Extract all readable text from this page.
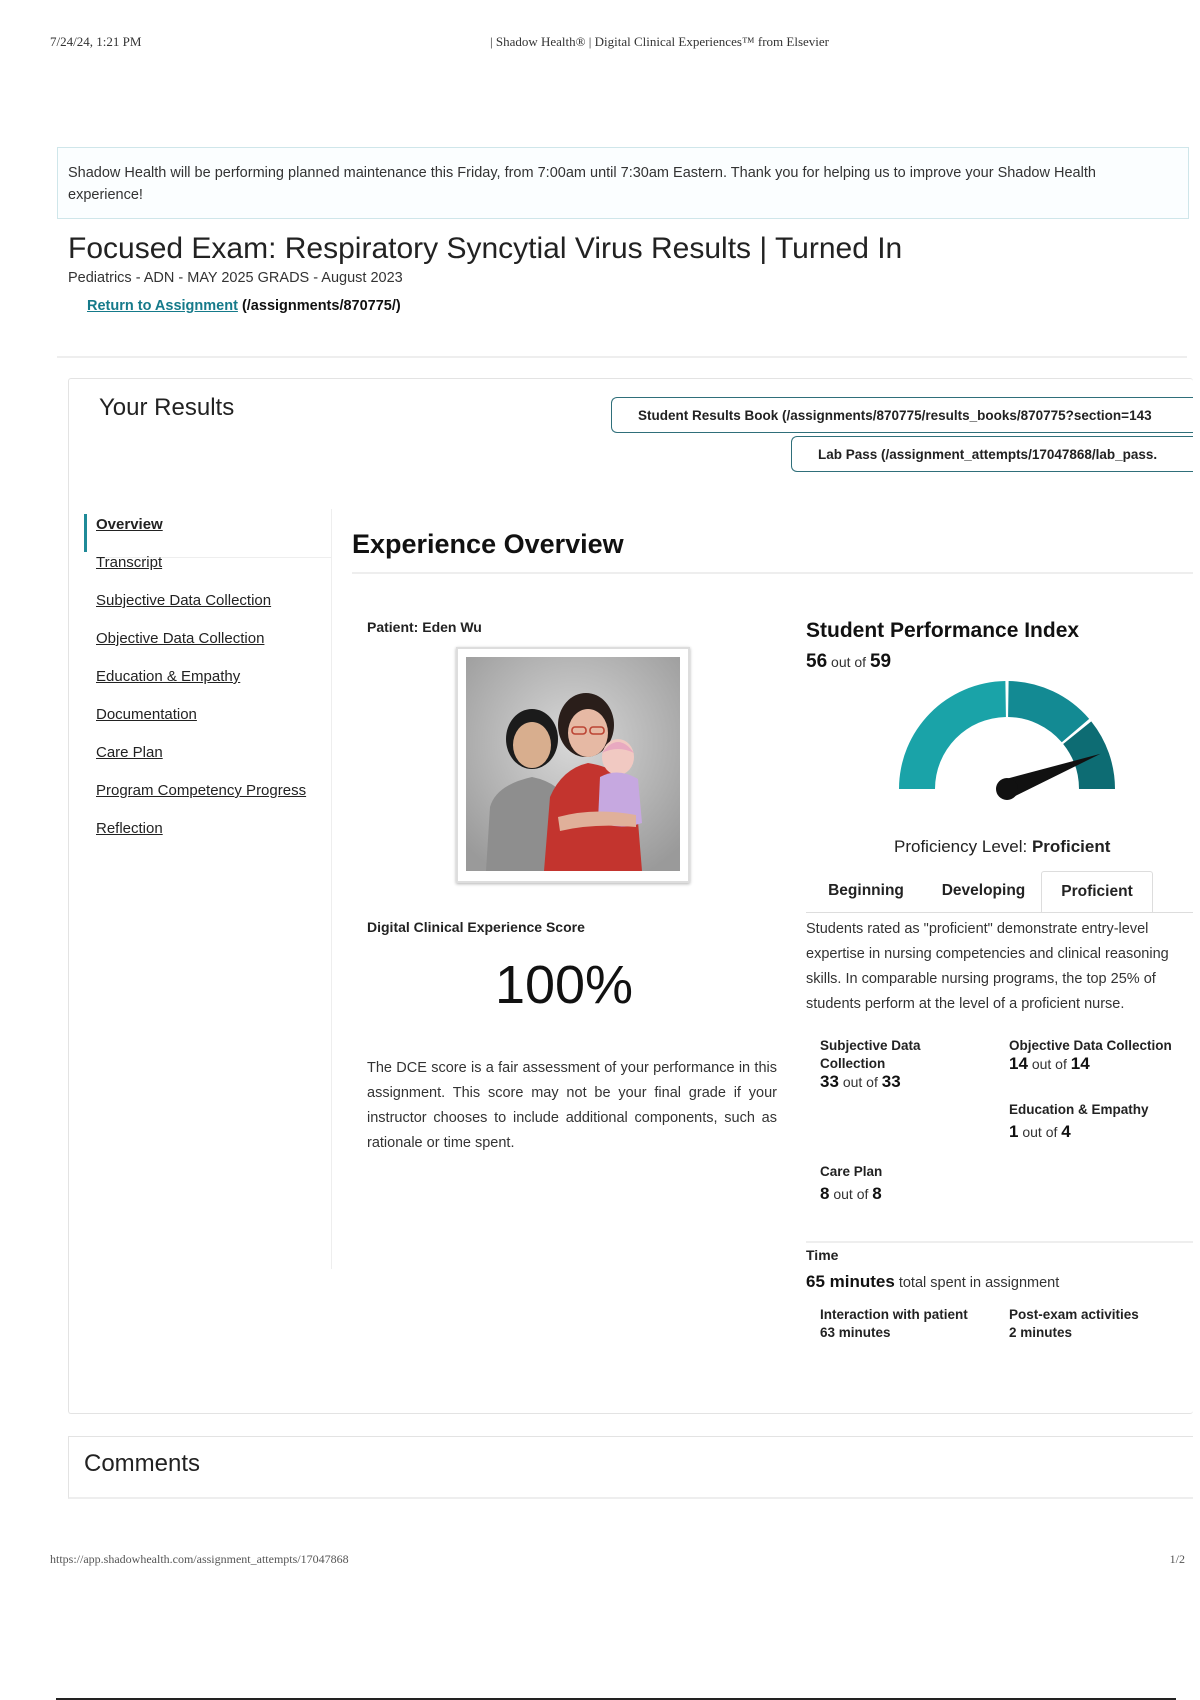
7/24/24, 1:21 PM	| Shadow Health® | Digital Clinical Experiences™ from Elsevier

Shadow Health will be performing planned maintenance this Friday, from 7:00am until 7:30am Eastern. Thank you for helping us to improve your Shadow Health

experience!

Focused Exam: Respiratory Syncytial Virus Results | Turned In
Pediatrics - ADN - MAY 2025 GRADS - August 2023
Return to Assignment (/assignments/870775/)
Your Results	Student Results Book (/assignments/870775/results_books/870775?section=143
Lab Pass (/assignment_attempts/17047868/lab_pass.
Overview
Transcript
Subjective Data Collection
Objective Data Collection
Education & Empathy
Documentation
Care Plan
Program Competency Progress
Reflection
Experience Overview
Patient: Eden Wu
Digital Clinical Experience Score
100%
The DCE score is a fair assessment of your performance in this assignment. This score may not be your final grade if your instructor chooses to include additional components, such as rationale or time spent.
Student Performance Index
56 out of 59
Proficiency Level: Proficient
Beginning	Developing	Proficient
Students rated as "proficient" demonstrate entry-level expertise in nursing competencies and clinical reasoning skills. In comparable nursing programs, the top 25% of students perform at the level of a proficient nurse.
Subjective Data
Collection
33 out of 33
Objective Data Collection
14 out of 14
Education & Empathy
1 out of 4
Care Plan
8 out of 8
Time
65 minutes total spent in assignment
Interaction with patient
63 minutes
Post-exam activities
2 minutes
Comments
https://app.shadowhealth.com/assignment_attempts/17047868	1/2
